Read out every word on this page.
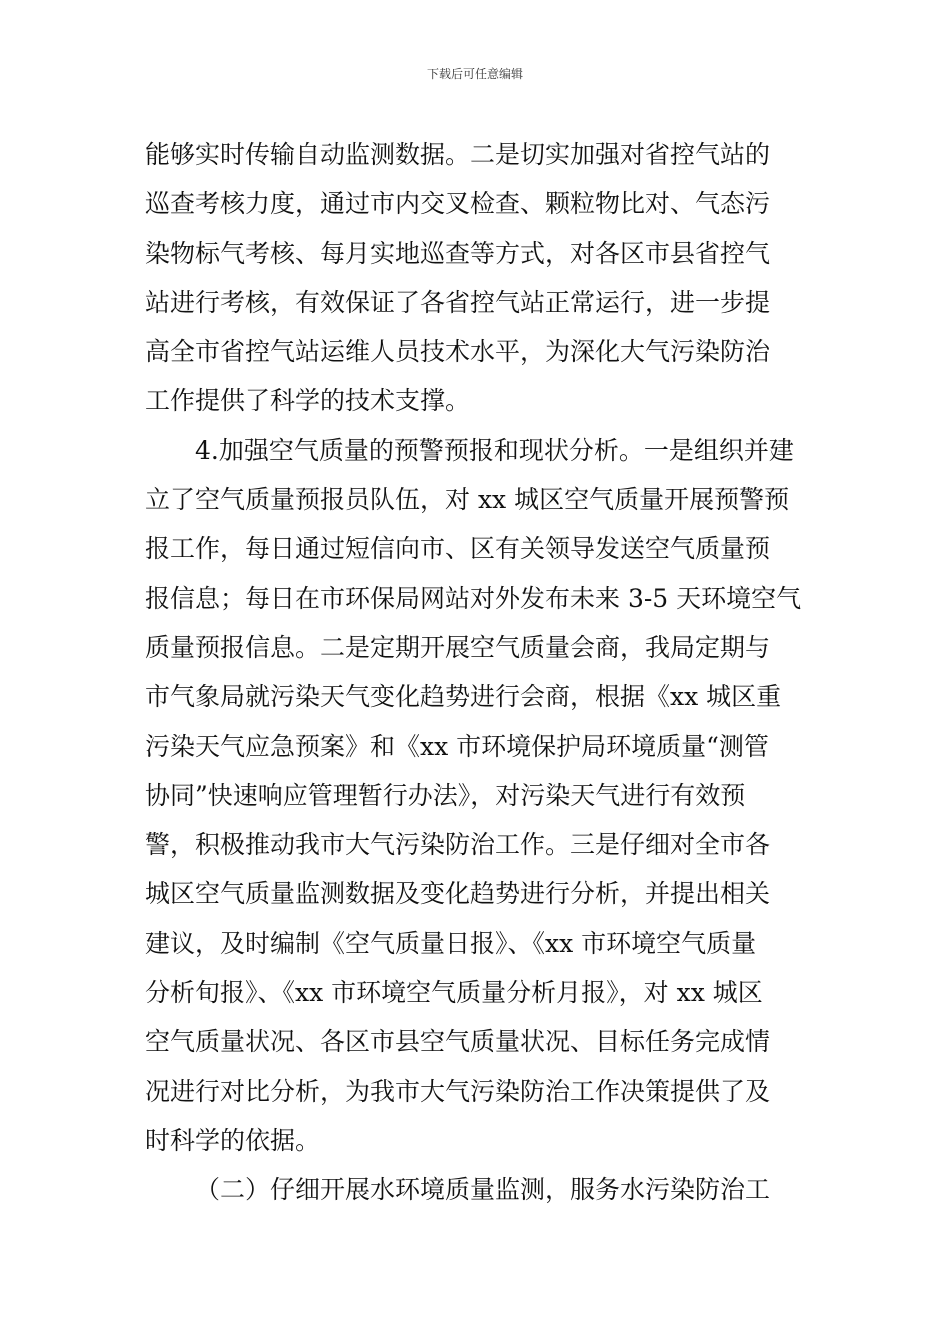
下载后可任意编辑

能够实时传输自动监测数据。二是切实加强对省控气站的
巡查考核力度，通过市内交叉检查、颗粒物比对、气态污
染物标气考核、每月实地巡查等方式，对各区市县省控气
站进行考核，有效保证了各省控气站正常运行，进一步提
高全市省控气站运维人员技术水平，为深化大气污染防治
工作提供了科学的技术支撑。

4.加强空气质量的预警预报和现状分析。一是组织并建
立了空气质量预报员队伍，对 xx 城区空气质量开展预警预
报工作，每日通过短信向市、区有关领导发送空气质量预
报信息；每日在市环保局网站对外发布未来 3-5 天环境空气
质量预报信息。二是定期开展空气质量会商，我局定期与
市气象局就污染天气变化趋势进行会商，根据《xx 城区重
污染天气应急预案》和《xx 市环境保护局环境质量“测管
协同”快速响应管理暂行办法》，对污染天气进行有效预
警，积极推动我市大气污染防治工作。三是仔细对全市各
城区空气质量监测数据及变化趋势进行分析，并提出相关
建议，及时编制《空气质量日报》、《xx 市环境空气质量
分析旬报》、《xx 市环境空气质量分析月报》，对 xx 城区
空气质量状况、各区市县空气质量状况、目标任务完成情
况进行对比分析，为我市大气污染防治工作决策提供了及
时科学的依据。

（二）仔细开展水环境质量监测，服务水污染防治工
